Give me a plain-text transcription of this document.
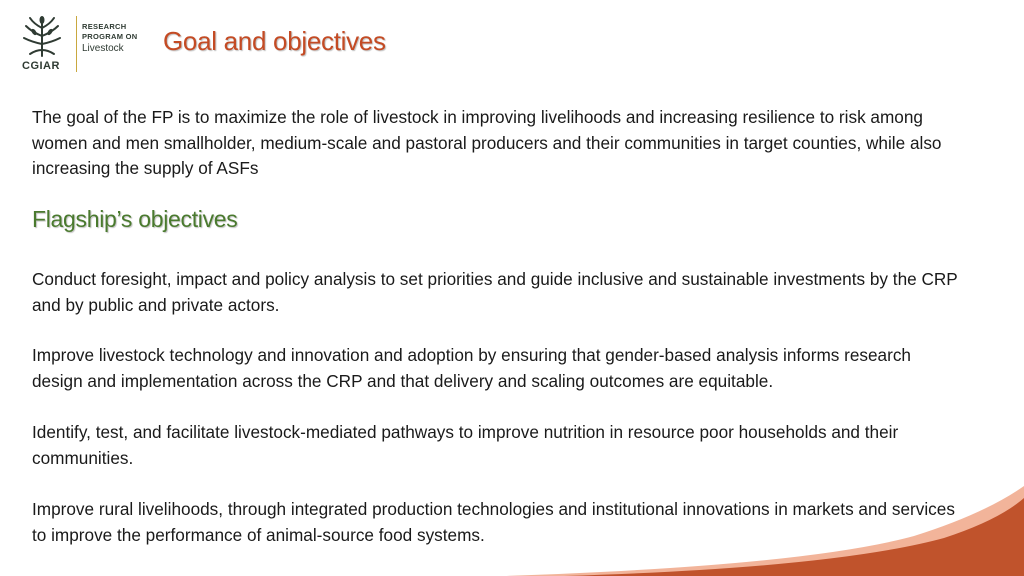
CGIAR
RESEARCH
PROGRAM ON
Livestock	Goal and objectives

The goal of the FP is to maximize the role of livestock in improving livelihoods and increasing resilience to risk among women and men smallholder, medium-scale and pastoral producers and their communities in target counties, while also increasing the supply of ASFs

Flagship’s objectives

Conduct foresight, impact and policy analysis to set priorities and guide inclusive and sustainable investments by the CRP and by public and private actors.

Improve livestock technology and innovation and adoption by ensuring that gender-based analysis informs research design and implementation across the CRP and that delivery and scaling outcomes are equitable.

Identify, test, and facilitate livestock-mediated pathways to improve nutrition in resource poor households and their communities.

Improve rural livelihoods, through integrated production technologies and institutional innovations in markets and services to improve the performance of animal-source food systems.
